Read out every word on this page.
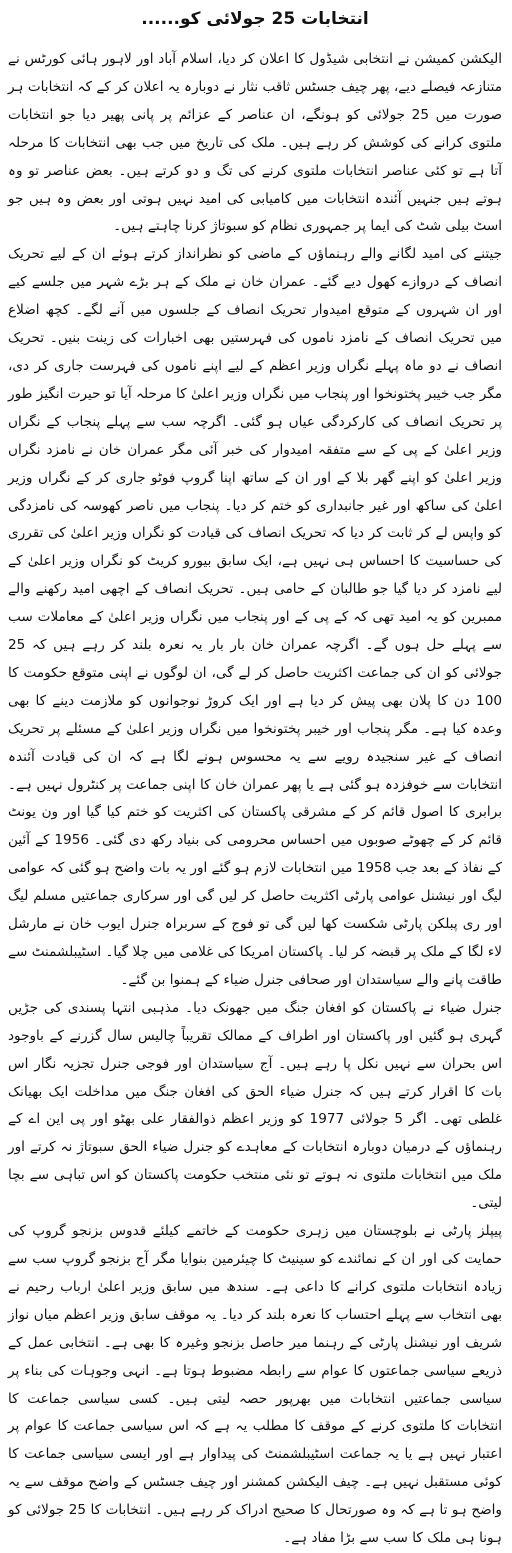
انتخابات 25 جولائی کو......

الیکشن کمیشن نے انتخابی شیڈول کا اعلان کر دیا، اسلام آباد اور لاہور ہائی کورٹس نے متنازعہ فیصلے دیے، پھر چیف جسٹس ثاقب نثار نے دوبارہ یہ اعلان کر کے کہ انتخابات ہر صورت میں 25 جولائی کو ہونگے، ان عناصر کے عزائم پر پانی پھیر دیا جو انتخابات ملتوی کرانے کی کوشش کر رہے ہیں۔ ملک کی تاریخ میں جب بھی انتخابات کا مرحلہ آتا ہے تو کئی عناصر انتخابات ملتوی کرنے کی تگ و دو کرتے ہیں۔ بعض عناصر تو وہ ہوتے ہیں جنہیں آئندہ انتخابات میں کامیابی کی امید نہیں ہوتی اور بعض وہ ہیں جو اسٹ بیلی شٹ کی ایما پر جمہوری نظام کو سبوتاژ کرنا چاہتے ہیں۔

جیتنے کی امید لگانے والے رہنماؤں کے ماضی کو نظرانداز کرتے ہوئے ان کے لیے تحریک انصاف کے دروازے کھول دیے گئے۔ عمران خان نے ملک کے ہر بڑے شہر میں جلسے کیے اور ان شہروں کے متوقع امیدوار تحریک انصاف کے جلسوں میں آنے لگے۔ کچھ اضلاع میں تحریک انصاف کے نامزد ناموں کی فہرستیں بھی اخبارات کی زینت بنیں۔ تحریک انصاف نے دو ماہ پہلے نگراں وزیر اعظم کے لیے اپنے ناموں کی فہرست جاری کر دی، مگر جب خیبر پختونخوا اور پنجاب میں نگراں وزیر اعلیٰ کا مرحلہ آیا تو حیرت انگیز طور پر تحریک انصاف کی کارکردگی عیاں ہو گئی۔ اگرچہ سب سے پہلے پنجاب کے نگراں وزیر اعلیٰ کے پی کے سے متفقہ امیدوار کی خبر آئی مگر عمران خان نے نامزد نگراں وزیر اعلیٰ کو اپنے گھر بلا کے اور ان کے ساتھ اپنا گروپ فوٹو جاری کر کے نگراں وزیر اعلیٰ کی ساکھ اور غیر جانبداری کو ختم کر دیا۔ پنجاب میں ناصر کھوسہ کی نامزدگی کو واپس لے کر ثابت کر دیا کہ تحریک انصاف کی قیادت کو نگراں وزیر اعلیٰ کی تقرری کی حساسیت کا احساس ہی نہیں ہے، ایک سابق بیورو کریٹ کو نگراں وزیر اعلیٰ کے لیے نامزد کر دیا گیا جو طالبان کے حامی ہیں۔ تحریک انصاف کے اچھی امید رکھنے والے ممبرین کو یہ امید تھی کہ کے پی کے اور پنجاب میں نگراں وزیر اعلیٰ کے معاملات سب سے پہلے حل ہوں گے۔ اگرچہ عمران خان بار بار یہ نعرہ بلند کر رہے ہیں کہ 25 جولائی کو ان کی جماعت اکثریت حاصل کر لے گی، ان لوگوں نے اپنی متوقع حکومت کا 100 دن کا پلان بھی پیش کر دیا ہے اور ایک کروڑ نوجوانوں کو ملازمت دینے کا بھی وعدہ کیا ہے۔ مگر پنجاب اور خیبر پختونخوا میں نگراں وزیر اعلیٰ کے مسئلے پر تحریک انصاف کے غیر سنجیدہ رویے سے یہ محسوس ہونے لگا ہے کہ ان کی قیادت آئندہ انتخابات سے خوفزدہ ہو گئی ہے یا پھر عمران خان کا اپنی جماعت پر کنٹرول نہیں ہے۔ برابری کا اصول قائم کر کے مشرقی پاکستان کی اکثریت کو ختم کیا گیا اور ون یونٹ قائم کر کے چھوٹے صوبوں میں احساس محرومی کی بنیاد رکھ دی گئی۔ 1956 کے آئین کے نفاذ کے بعد جب 1958 میں انتخابات لازم ہو گئے اور یہ بات واضح ہو گئی کہ عوامی لیگ اور نیشنل عوامی پارٹی اکثریت حاصل کر لیں گی اور سرکاری جماعتیں مسلم لیگ اور ری پبلکن پارٹی شکست کھا لیں گی تو فوج کے سربراہ جنرل ایوب خان نے مارشل لاء لگا کے ملک پر قبضہ کر لیا۔ پاکستان امریکا کی غلامی میں چلا گیا۔ اسٹیبلشمنٹ سے طاقت پانے والے سیاستدان اور صحافی جنرل ضیاء کے ہمنوا بن گئے۔

جنرل ضیاء نے پاکستان کو افغان جنگ میں جھونک دیا۔ مذہبی انتہا پسندی کی جڑیں گہری ہو گئیں اور پاکستان اور اطراف کے ممالک تقریباً چالیس سال گزرنے کے باوجود اس بحران سے نہیں نکل پا رہے ہیں۔ آج سیاستدان اور فوجی جنرل تجزیہ نگار اس بات کا اقرار کرتے ہیں کہ جنرل ضیاء الحق کی افغان جنگ میں مداخلت ایک بھیانک غلطی تھی۔ اگر 5 جولائی 1977 کو وزیر اعظم ذوالفقار علی بھٹو اور پی این اے کے رہنماؤں کے درمیان دوبارہ انتخابات کے معاہدے کو جنرل ضیاء الحق سبوتاژ نہ کرتے اور ملک میں انتخابات ملتوی نہ ہوتے تو نئی منتخب حکومت پاکستان کو اس تباہی سے بچا لیتی۔

پیپلز پارٹی نے بلوچستان میں زہری حکومت کے خاتمے کیلئے قدوس بزنجو گروپ کی حمایت کی اور ان کے نمائندے کو سینیٹ کا چیئرمین بنوایا مگر آج بزنجو گروپ سب سے زیادہ انتخابات ملتوی کرانے کا داعی ہے۔ سندھ میں سابق وزیر اعلیٰ ارباب رحیم نے بھی انتخاب سے پہلے احتساب کا نعرہ بلند کر دیا۔ یہ موقف سابق وزیر اعظم میاں نواز شریف اور نیشنل پارٹی کے رہنما میر حاصل بزنجو وغیرہ کا بھی ہے۔ انتخابی عمل کے ذریعے سیاسی جماعتوں کا عوام سے رابطہ مضبوط ہوتا ہے۔ انہی وجوہات کی بناء پر سیاسی جماعتیں انتخابات میں بھرپور حصہ لیتی ہیں۔ کسی سیاسی جماعت کا انتخابات کا ملتوی کرنے کے موقف کا مطلب یہ ہے کہ اس سیاسی جماعت کا عوام پر اعتبار نہیں ہے یا یہ جماعت اسٹیبلشمنٹ کی پیداوار ہے اور ایسی سیاسی جماعت کا کوئی مستقبل نہیں ہے۔ چیف الیکشن کمشنر اور چیف جسٹس کے واضح موقف سے یہ واضح ہو تا ہے کہ وہ صورتحال کا صحیح ادراک کر رہے ہیں۔ انتخابات کا 25 جولائی کو ہونا ہی ملک کا سب سے بڑا مفاد ہے۔
